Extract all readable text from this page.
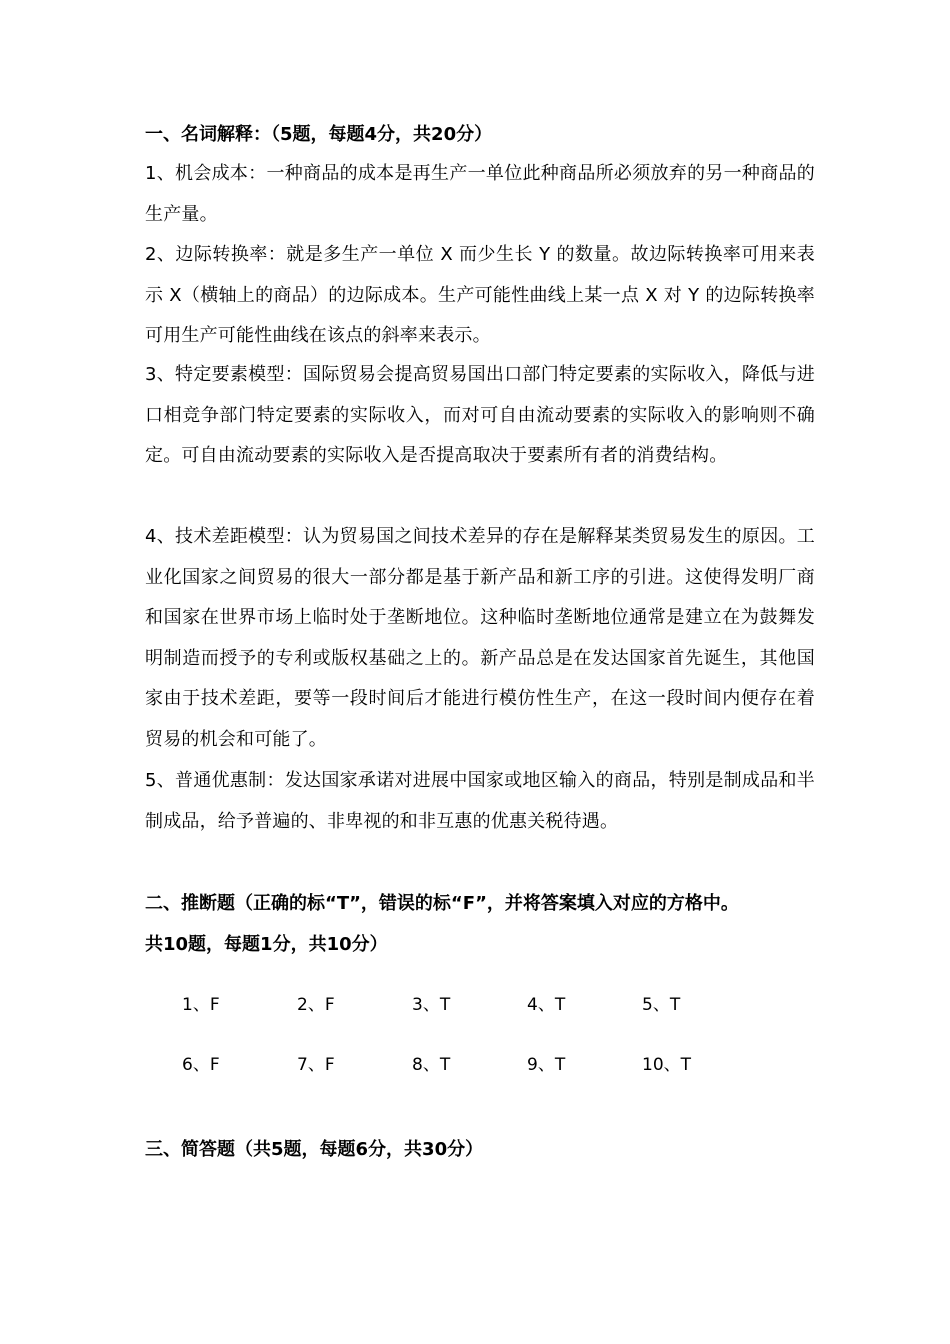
一、名词解释：（5题，每题4分，共20分）
1、机会成本：一种商品的成本是再生产一单位此种商品所必须放弃的另一种商品的生产量。
2、边际转换率：就是多生产一单位 X 而少生长 Y 的数量。故边际转换率可用来表示 X（横轴上的商品）的边际成本。生产可能性曲线上某一点 X 对 Y 的边际转换率可用生产可能性曲线在该点的斜率来表示。
3、特定要素模型：国际贸易会提高贸易国出口部门特定要素的实际收入，降低与进口相竞争部门特定要素的实际收入，而对可自由流动要素的实际收入的影响则不确定。可自由流动要素的实际收入是否提高取决于要素所有者的消费结构。
4、技术差距模型：认为贸易国之间技术差异的存在是解释某类贸易发生的原因。工业化国家之间贸易的很大一部分都是基于新产品和新工序的引进。这使得发明厂商和国家在世界市场上临时处于垄断地位。这种临时垄断地位通常是建立在为鼓舞发明制造而授予的专利或版权基础之上的。新产品总是在发达国家首先诞生，其他国家由于技术差距，要等一段时间后才能进行模仿性生产，在这一段时间内便存在着贸易的机会和可能了。
5、普通优惠制：发达国家承诺对进展中国家或地区输入的商品，特别是制成品和半制成品，给予普遍的、非卑视的和非互惠的优惠关税待遇。
二、推断题（正确的标“T”，错误的标“F”，并将答案填入对应的方格中。
共10题，每题1分，共10分）
1、F	2、F	3、T	4、T	5、T
6、F	7、F	8、T	9、T	10、T
三、简答题（共5题，每题6分，共30分）
